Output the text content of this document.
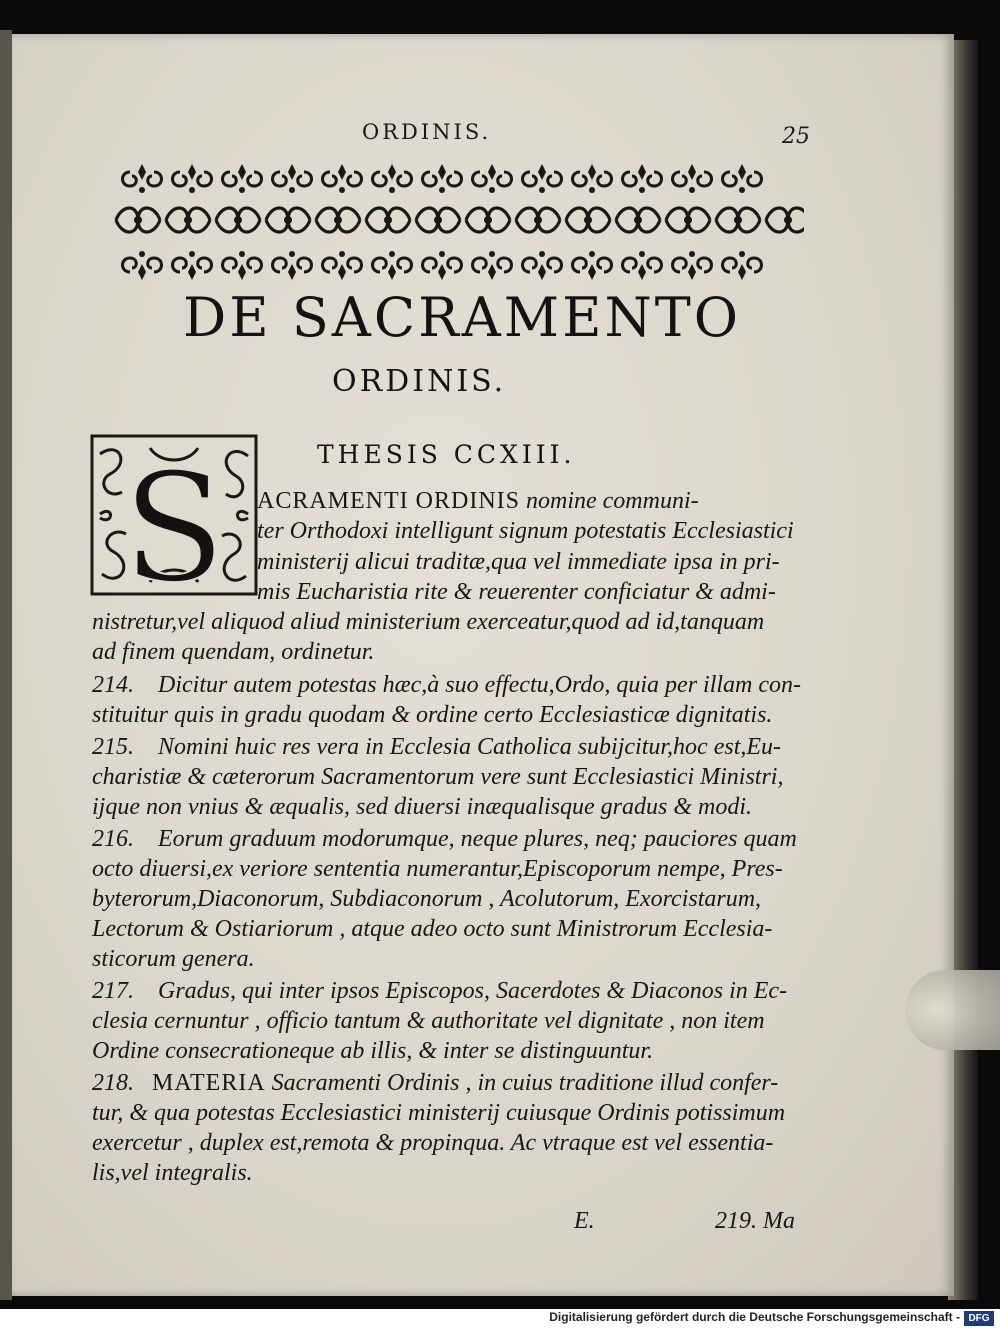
ORDINIS.	25
DE SACRAMENTO
ORDINIS.
THESIS CCXIII.
S ACRAMENTI ORDINIS nomine communi-
ter Orthodoxi intelligunt signum potestatis Ecclesiastici
ministerij alicui traditæ,qua vel immediate ipsa in pri-
mis Eucharistia rite & reuerenter conficiatur & admi-
nistretur,vel aliquod aliud ministerium exerceatur,quod ad id,tanquam
ad finem quendam, ordinetur.
214.    Dicitur autem potestas hæc,à suo effectu,Ordo, quia per illam con-
stituitur quis in gradu quodam & ordine certo Ecclesiasticæ dignitatis.
215.    Nomini huic res vera in Ecclesia Catholica subijcitur,hoc est,Eu-
charistiæ & cæterorum Sacramentorum vere sunt Ecclesiastici Ministri,
ijque non vnius & æqualis, sed diuersi inæqualisque gradus & modi.
216.    Eorum graduum modorumque, neque plures, neq; pauciores quam
octo diuersi,ex veriore sententia numerantur,Episcoporum nempe, Pres-
byterorum,Diaconorum, Subdiaconorum , Acolutorum, Exorcistarum,
Lectorum & Ostiariorum , atque adeo octo sunt Ministrorum Ecclesia-
sticorum genera.
217.    Gradus, qui inter ipsos Episcopos, Sacerdotes & Diaconos in Ec-
clesia cernuntur , officio tantum & authoritate vel dignitate , non item
Ordine consecrationeque ab illis, & inter se distinguuntur.
218.   MATERIA Sacramenti Ordinis , in cuius traditione illud confer-
tur, & qua potestas Ecclesiastici ministerij cuiusque Ordinis potissimum
exercetur , duplex est,remota & propinqua. Ac vtraque est vel essentia-
lis,vel integralis.
E.	219. Ma
Digitalisierung gefördert durch die Deutsche Forschungsgemeinschaft - DFG
